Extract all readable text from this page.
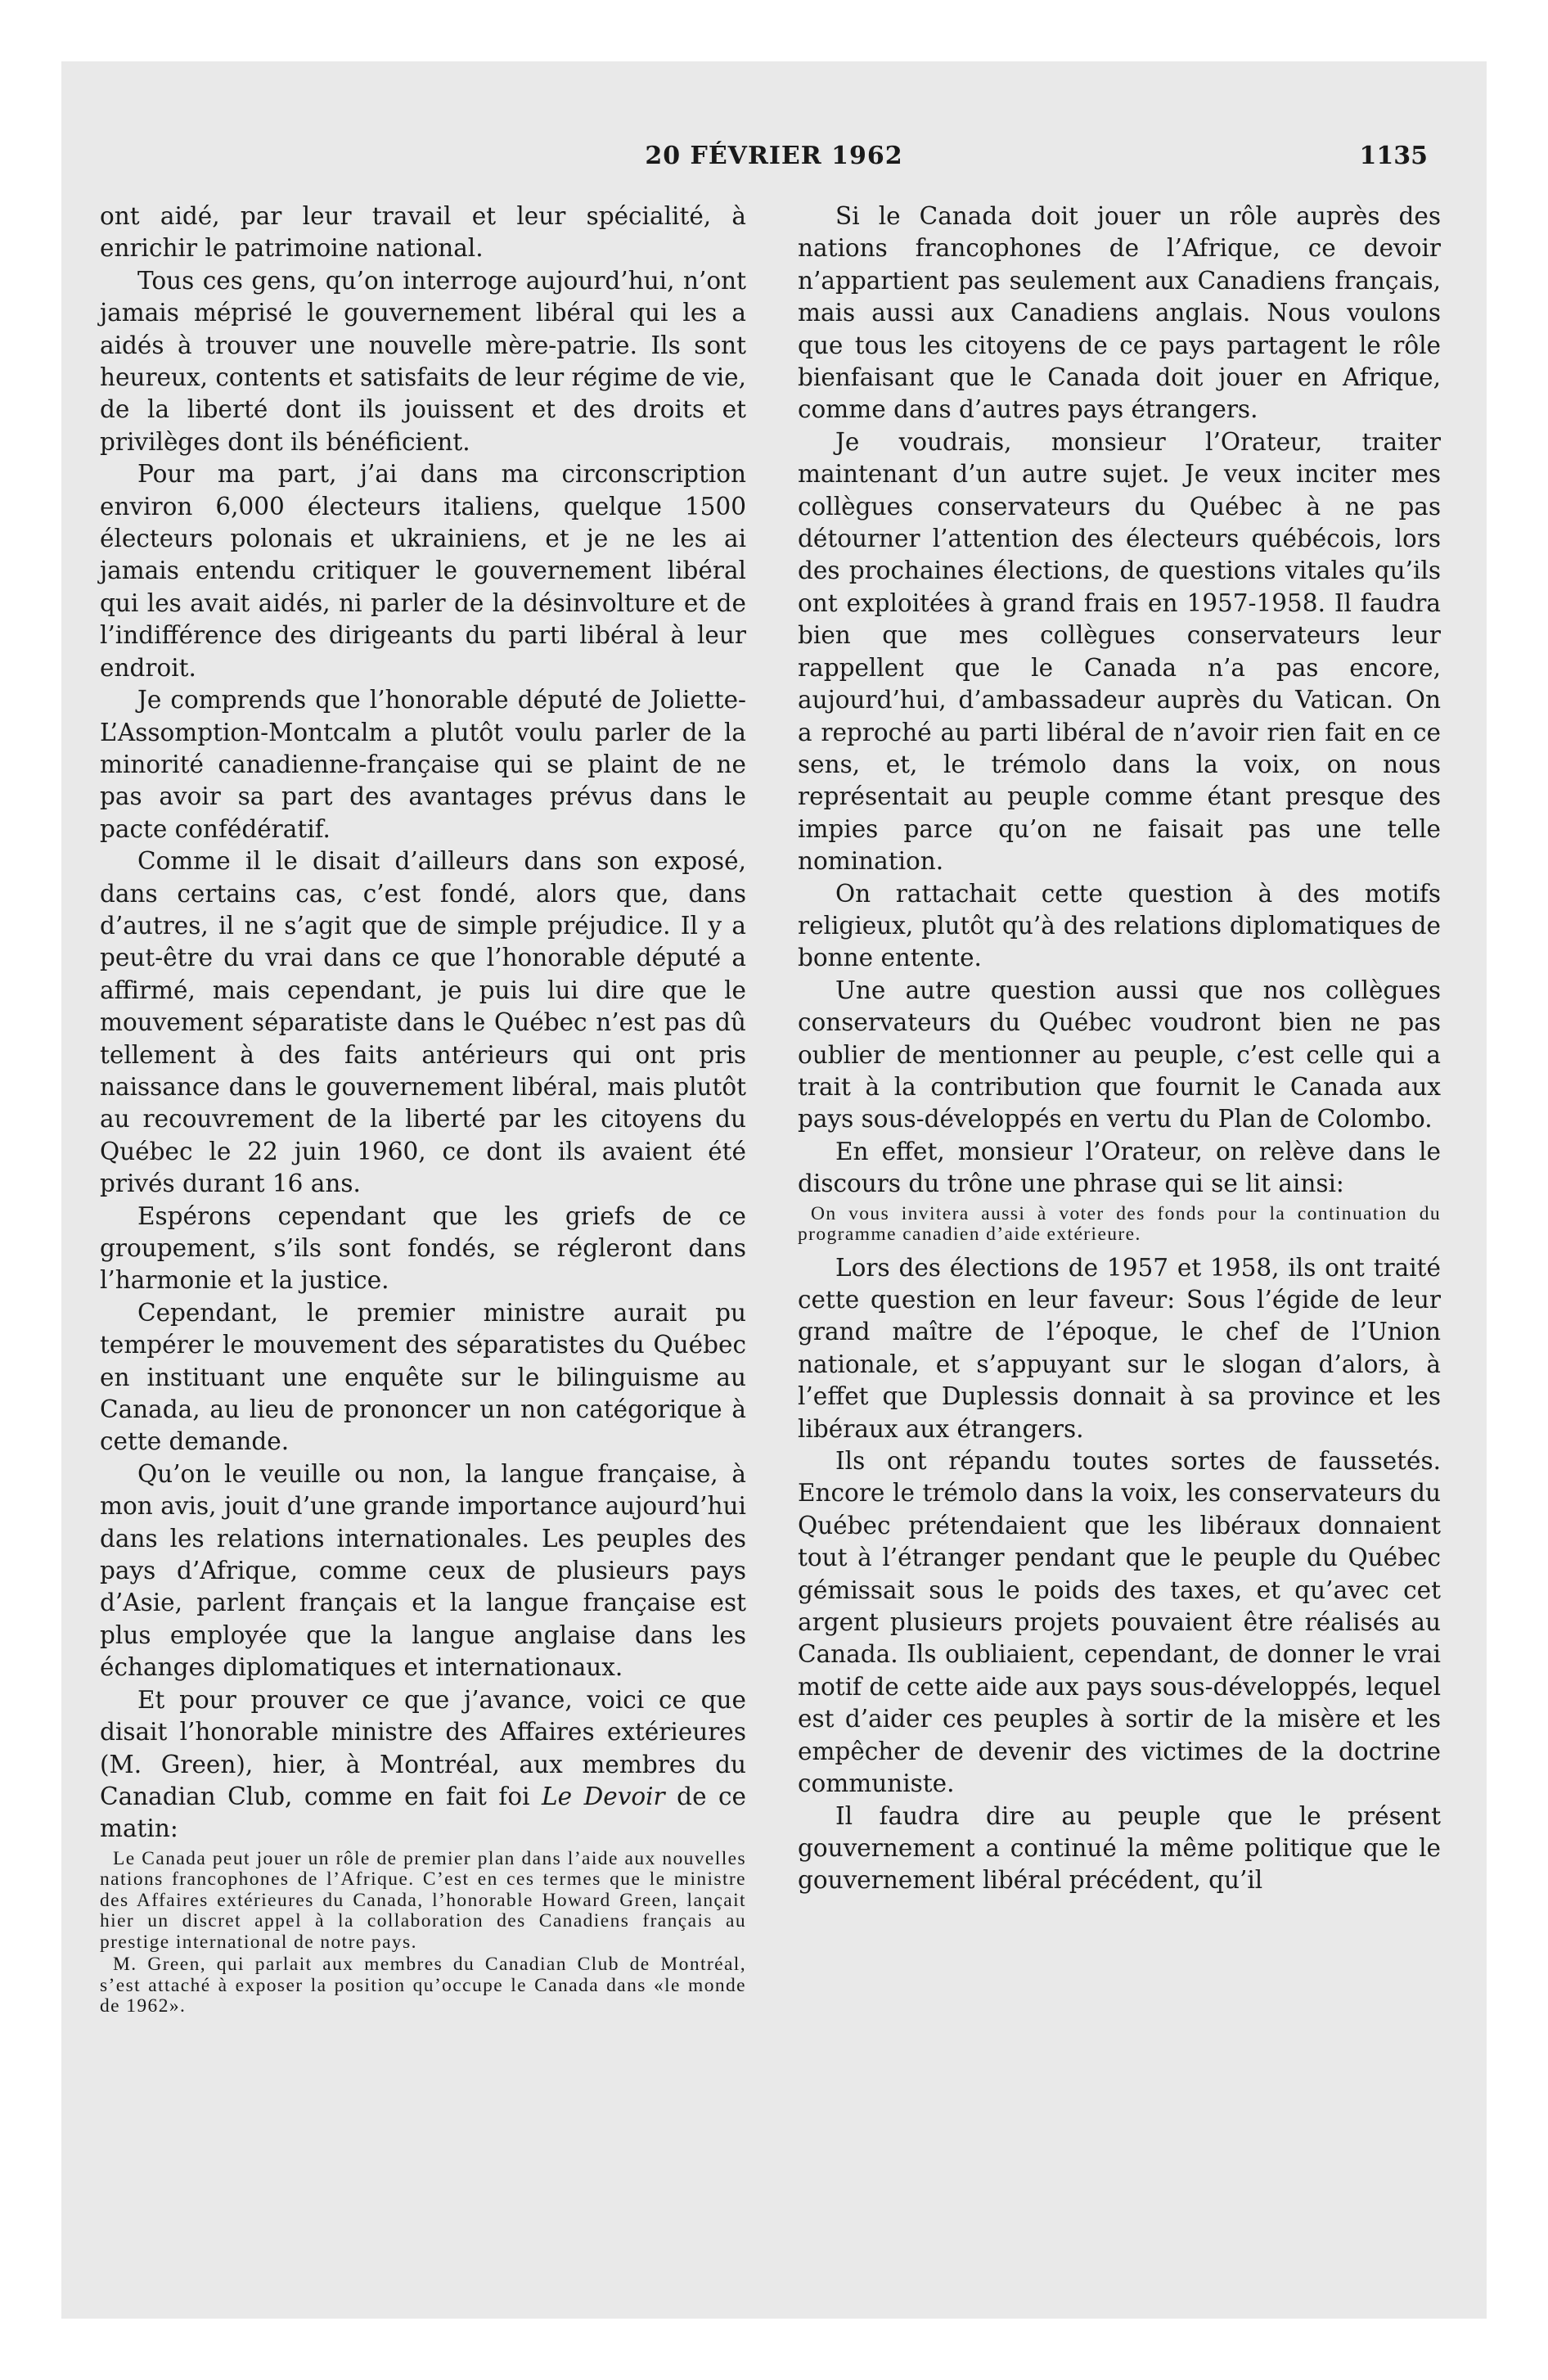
20 FÉVRIER 1962	1135

ont aidé, par leur travail et leur spécialité, à enrichir le patrimoine national.

Tous ces gens, qu’on interroge aujourd’hui, n’ont jamais méprisé le gouvernement libéral qui les a aidés à trouver une nouvelle mère-patrie. Ils sont heureux, contents et satisfaits de leur régime de vie, de la liberté dont ils jouissent et des droits et privilèges dont ils bénéficient.

Pour ma part, j’ai dans ma circonscription environ 6,000 électeurs italiens, quelque 1500 électeurs polonais et ukrainiens, et je ne les ai jamais entendu critiquer le gouvernement libéral qui les avait aidés, ni parler de la désinvolture et de l’indifférence des dirigeants du parti libéral à leur endroit.

Je comprends que l’honorable député de Joliette-L’Assomption-Montcalm a plutôt voulu parler de la minorité canadienne-française qui se plaint de ne pas avoir sa part des avantages prévus dans le pacte confédératif.

Comme il le disait d’ailleurs dans son exposé, dans certains cas, c’est fondé, alors que, dans d’autres, il ne s’agit que de simple préjudice. Il y a peut-être du vrai dans ce que l’honorable député a affirmé, mais cependant, je puis lui dire que le mouvement séparatiste dans le Québec n’est pas dû tellement à des faits antérieurs qui ont pris naissance dans le gouvernement libéral, mais plutôt au recouvrement de la liberté par les citoyens du Québec le 22 juin 1960, ce dont ils avaient été privés durant 16 ans.

Espérons cependant que les griefs de ce groupement, s’ils sont fondés, se régleront dans l’harmonie et la justice.

Cependant, le premier ministre aurait pu tempérer le mouvement des séparatistes du Québec en instituant une enquête sur le bilinguisme au Canada, au lieu de prononcer un non catégorique à cette demande.

Qu’on le veuille ou non, la langue française, à mon avis, jouit d’une grande importance aujourd’hui dans les relations internationales. Les peuples des pays d’Afrique, comme ceux de plusieurs pays d’Asie, parlent français et la langue française est plus employée que la langue anglaise dans les échanges diplomatiques et internationaux.

Et pour prouver ce que j’avance, voici ce que disait l’honorable ministre des Affaires extérieures (M. Green), hier, à Montréal, aux membres du Canadian Club, comme en fait foi Le Devoir de ce matin:

Le Canada peut jouer un rôle de premier plan dans l’aide aux nouvelles nations francophones de l’Afrique. C’est en ces termes que le ministre des Affaires extérieures du Canada, l’honorable Howard Green, lançait hier un discret appel à la collaboration des Canadiens français au prestige international de notre pays.

M. Green, qui parlait aux membres du Canadian Club de Montréal, s’est attaché à exposer la position qu’occupe le Canada dans «le monde de 1962».

Si le Canada doit jouer un rôle auprès des nations francophones de l’Afrique, ce devoir n’appartient pas seulement aux Canadiens français, mais aussi aux Canadiens anglais. Nous voulons que tous les citoyens de ce pays partagent le rôle bienfaisant que le Canada doit jouer en Afrique, comme dans d’autres pays étrangers.

Je voudrais, monsieur l’Orateur, traiter maintenant d’un autre sujet. Je veux inciter mes collègues conservateurs du Québec à ne pas détourner l’attention des électeurs québécois, lors des prochaines élections, de questions vitales qu’ils ont exploitées à grand frais en 1957-1958. Il faudra bien que mes collègues conservateurs leur rappellent que le Canada n’a pas encore, aujourd’hui, d’ambassadeur auprès du Vatican. On a reproché au parti libéral de n’avoir rien fait en ce sens, et, le trémolo dans la voix, on nous représentait au peuple comme étant presque des impies parce qu’on ne faisait pas une telle nomination.

On rattachait cette question à des motifs religieux, plutôt qu’à des relations diplomatiques de bonne entente.

Une autre question aussi que nos collègues conservateurs du Québec voudront bien ne pas oublier de mentionner au peuple, c’est celle qui a trait à la contribution que fournit le Canada aux pays sous-développés en vertu du Plan de Colombo.

En effet, monsieur l’Orateur, on relève dans le discours du trône une phrase qui se lit ainsi:

On vous invitera aussi à voter des fonds pour la continuation du programme canadien d’aide extérieure.

Lors des élections de 1957 et 1958, ils ont traité cette question en leur faveur: Sous l’égide de leur grand maître de l’époque, le chef de l’Union nationale, et s’appuyant sur le slogan d’alors, à l’effet que Duplessis donnait à sa province et les libéraux aux étrangers.

Ils ont répandu toutes sortes de faussetés. Encore le trémolo dans la voix, les conservateurs du Québec prétendaient que les libéraux donnaient tout à l’étranger pendant que le peuple du Québec gémissait sous le poids des taxes, et qu’avec cet argent plusieurs projets pouvaient être réalisés au Canada. Ils oubliaient, cependant, de donner le vrai motif de cette aide aux pays sous-développés, lequel est d’aider ces peuples à sortir de la misère et les empêcher de devenir des victimes de la doctrine communiste.

Il faudra dire au peuple que le présent gouvernement a continué la même politique que le gouvernement libéral précédent, qu’il
